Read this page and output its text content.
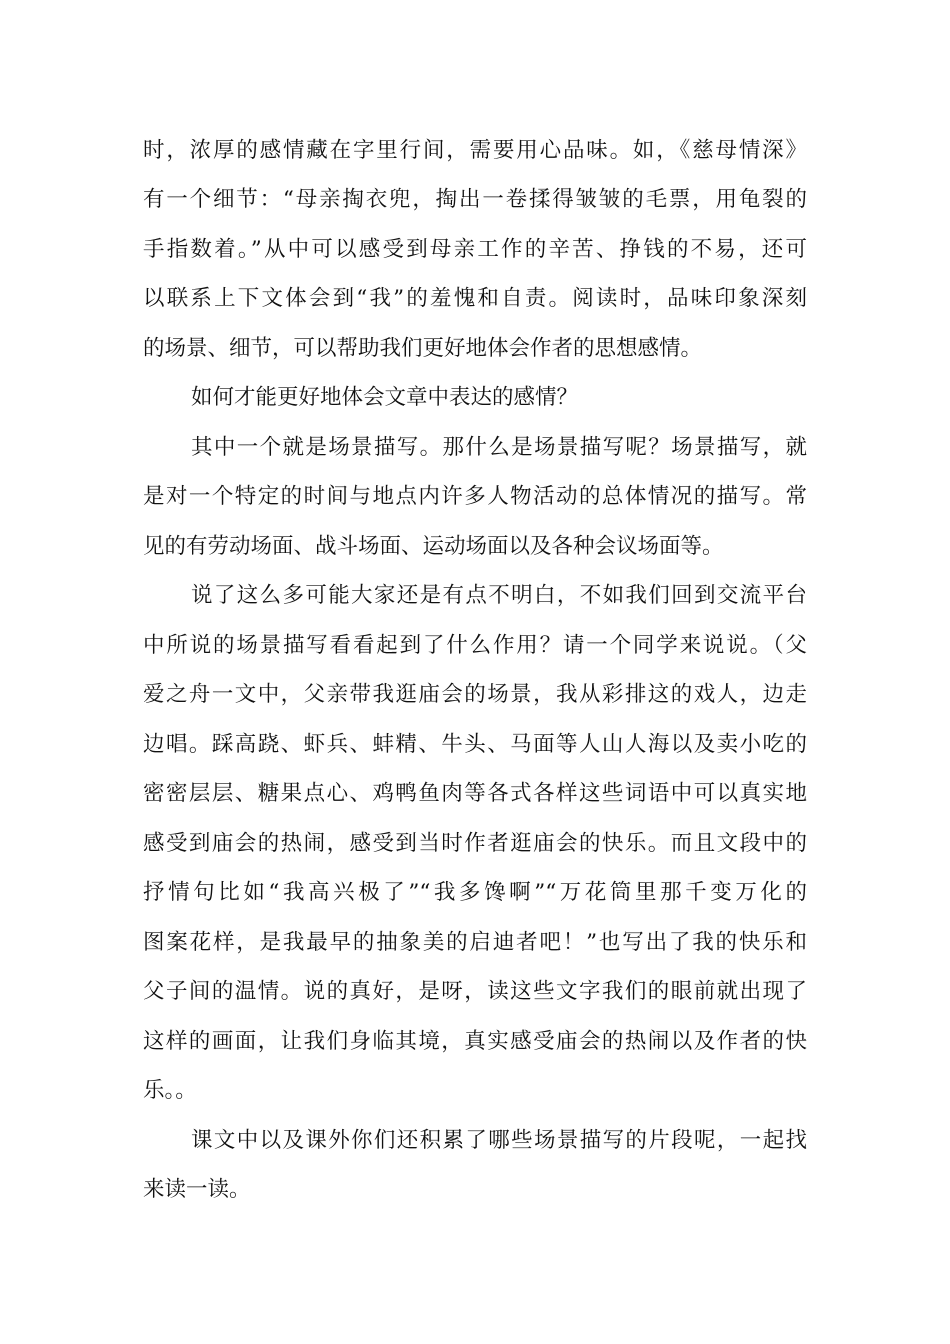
时，浓厚的感情藏在字里行间，需要用心品味。如，《慈母情深》
有一个细节：“母亲掏衣兜，掏出一卷揉得皱皱的毛票，用龟裂的
手指数着。”从中可以感受到母亲工作的辛苦、挣钱的不易，还可
以联系上下文体会到“我”的羞愧和自责。阅读时，品味印象深刻
的场景、细节，可以帮助我们更好地体会作者的思想感情。
如何才能更好地体会文章中表达的感情？
其中一个就是场景描写。那什么是场景描写呢？场景描写，就
是对一个特定的时间与地点内许多人物活动的总体情况的描写。常
见的有劳动场面、战斗场面、运动场面以及各种会议场面等。
说了这么多可能大家还是有点不明白，不如我们回到交流平台
中所说的场景描写看看起到了什么作用？请一个同学来说说。（父
爱之舟一文中，父亲带我逛庙会的场景，我从彩排这的戏人，边走
边唱。踩高跷、虾兵、蚌精、牛头、马面等人山人海以及卖小吃的
密密层层、糖果点心、鸡鸭鱼肉等各式各样这些词语中可以真实地
感受到庙会的热闹，感受到当时作者逛庙会的快乐。而且文段中的
抒情句比如“我高兴极了”“我多馋啊”“万花筒里那千变万化的
图案花样，是我最早的抽象美的启迪者吧！”也写出了我的快乐和
父子间的温情。说的真好，是呀，读这些文字我们的眼前就出现了
这样的画面，让我们身临其境，真实感受庙会的热闹以及作者的快
乐。。
课文中以及课外你们还积累了哪些场景描写的片段呢，一起找
来读一读。
